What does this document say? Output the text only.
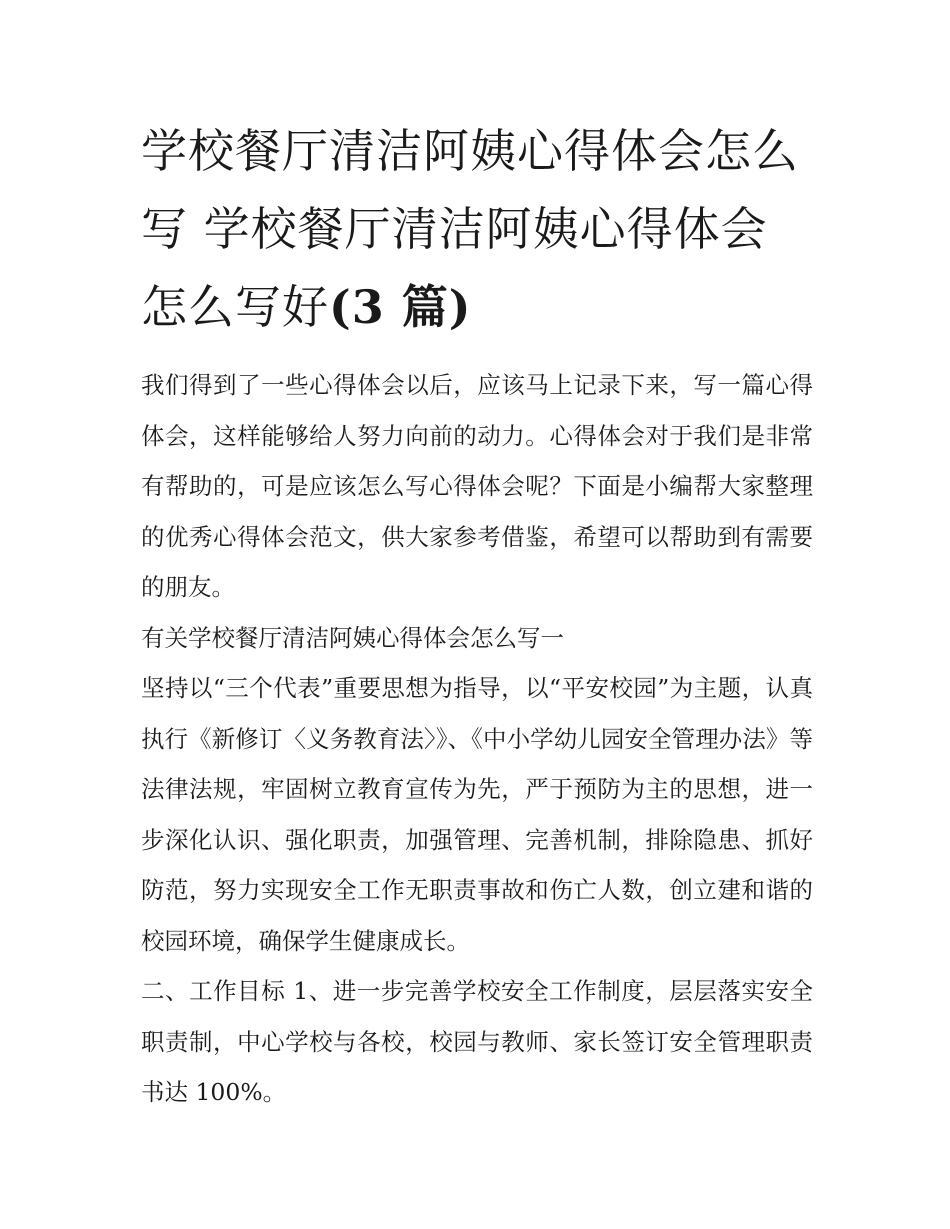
学校餐厅清洁阿姨心得体会怎么写 学校餐厅清洁阿姨心得体会怎么写好(3 篇)

我们得到了一些心得体会以后，应该马上记录下来，写一篇心得体会，这样能够给人努力向前的动力。心得体会对于我们是非常有帮助的，可是应该怎么写心得体会呢？下面是小编帮大家整理的优秀心得体会范文，供大家参考借鉴，希望可以帮助到有需要的朋友。

有关学校餐厅清洁阿姨心得体会怎么写一

坚持以“三个代表”重要思想为指导，以“平安校园”为主题，认真执行《新修订〈义务教育法〉》、《中小学幼儿园安全管理办法》等法律法规，牢固树立教育宣传为先，严于预防为主的思想，进一步深化认识、强化职责，加强管理、完善机制，排除隐患、抓好防范，努力实现安全工作无职责事故和伤亡人数，创立建和谐的校园环境，确保学生健康成长。

二、工作目标 1、进一步完善学校安全工作制度，层层落实安全职责制，中心学校与各校，校园与教师、家长签订安全管理职责书达 100%。
